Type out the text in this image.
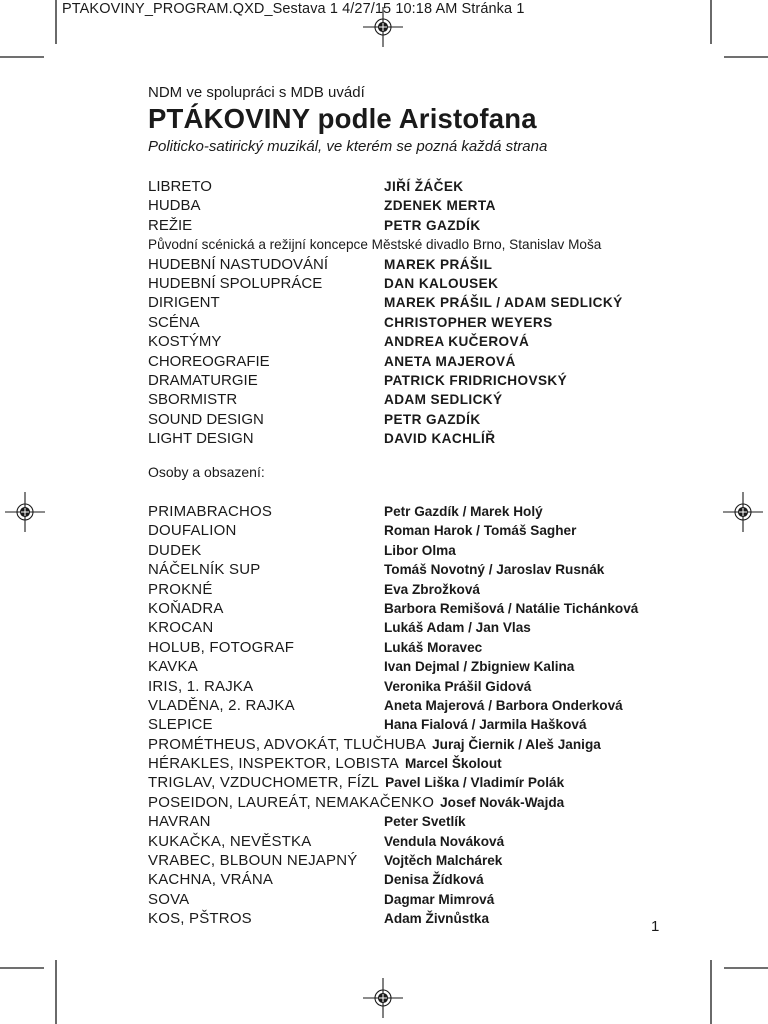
PTAKOVINY_PROGRAM.QXD_Sestava 1 4/27/15 10:18 AM Stránka 1
NDM ve spolupráci s MDB uvádí
PTÁKOVINY podle Aristofana
Politicko-satirický muzikál, ve kterém se pozná každá strana
LIBRETO	JIŘÍ ŽÁČEK
HUDBA	ZDENEK MERTA
REŽIE	PETR GAZDÍK
Původní scénická a režijní koncepce Městské divadlo Brno, Stanislav Moša
HUDEBNÍ NASTUDOVÁNÍ	MAREK PRÁŠIL
HUDEBNÍ SPOLUPRÁCE	DAN KALOUSEK
DIRIGENT	MAREK PRÁŠIL / ADAM SEDLICKÝ
SCÉNA	CHRISTOPHER WEYERS
KOSTÝMY	ANDREA KUČEROVÁ
CHOREOGRAFIE	ANETA MAJEROVÁ
DRAMATURGIE	PATRICK FRIDRICHOVSKÝ
SBORMISTR	ADAM SEDLICKÝ
SOUND DESIGN	PETR GAZDÍK
LIGHT DESIGN	DAVID KACHLÍŘ
Osoby a obsazení:
PRIMABRACHOS	Petr Gazdík / Marek Holý
DOUFALION	Roman Harok / Tomáš Sagher
DUDEK	Libor Olma
NÁČELNÍK SUP	Tomáš Novotný / Jaroslav Rusnák
PROKNÉ	Eva Zbrožková
KOŇADRA	Barbora Remišová / Natálie Tichánková
KROCAN	Lukáš Adam / Jan Vlas
HOLUB, FOTOGRAF	Lukáš Moravec
KAVKA	Ivan Dejmal / Zbigniew Kalina
IRIS, 1. RAJKA	Veronika Prášil Gidová
VLADĚNA, 2. RAJKA	Aneta Majerová / Barbora Onderková
SLEPICE	Hana Fialová / Jarmila Hašková
PROMÉTHEUS, ADVOKÁT, TLUČHUBA Juraj Čiernik / Aleš Janiga
HÉRAKLES, INSPEKTOR, LOBISTA Marcel Školout
TRIGLAV, VZDUCHOMETR, FÍZL Pavel Liška / Vladimír Polák
POSEIDON, LAUREÁT, NEMAKAČENKO Josef Novák-Wajda
HAVRAN	Peter Svetlík
KUKAČKA, NEVĚSTKA	Vendula Nováková
VRABEC, BLBOUN NEJAPNÝ Vojtěch Malchárek
KACHNA, VRÁNA	Denisa Žídková
SOVA	Dagmar Mimrová
KOS, PŠTROS	Adam Živnůstka	1
